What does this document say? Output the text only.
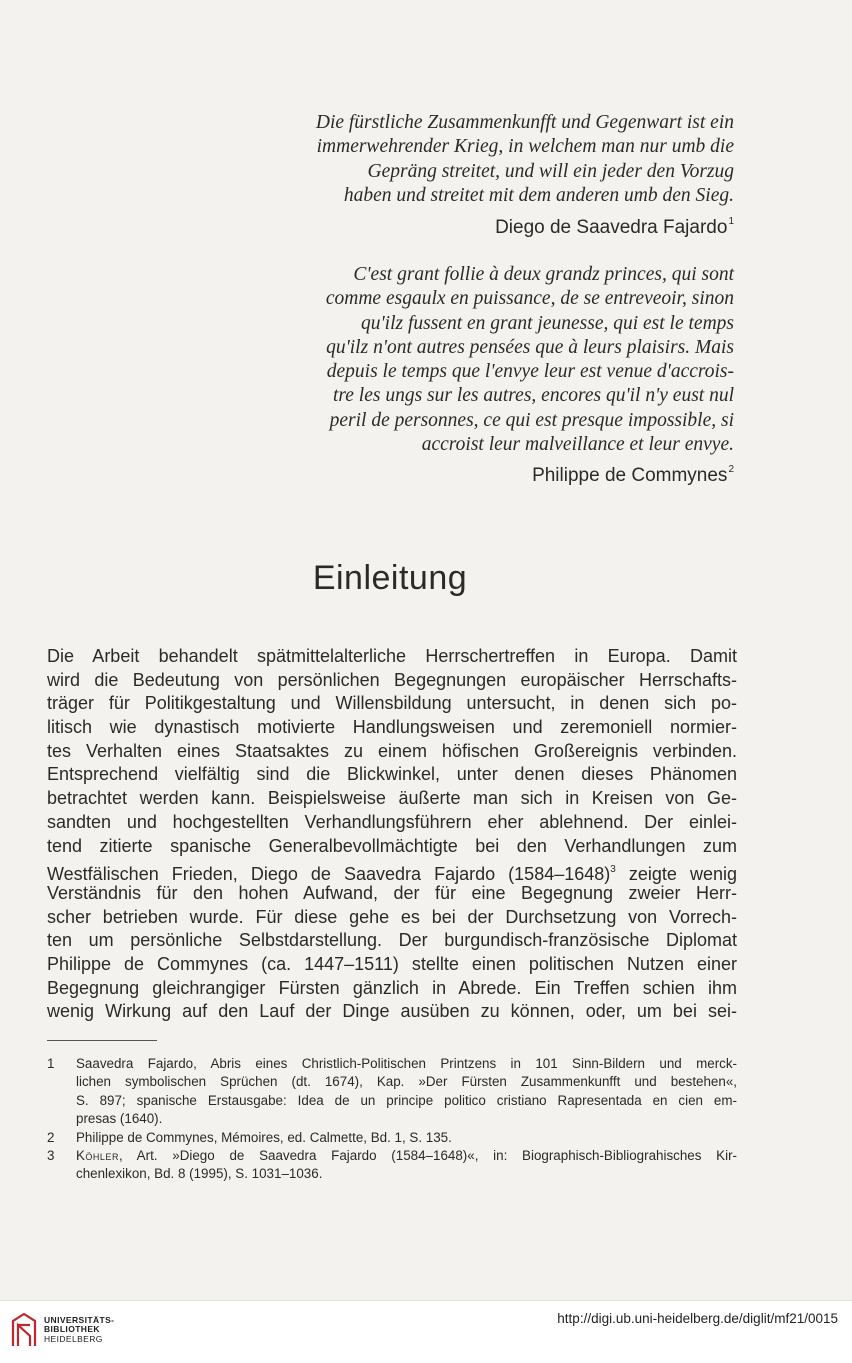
Die fürstliche Zusammenkunfft und Gegenwart ist ein
immerwehrender Krieg, in welchem man nur umb die
Gepräng streitet, und will ein jeder den Vorzug
haben und streitet mit dem anderen umb den Sieg.
Diego de Saavedra Fajardo$^1$
C'est grant follie à deux grandz princes, qui sont
comme esgaulx en puissance, de se entreveoir, sinon
qu'ilz fussent en grant jeunesse, qui est le temps
qu'ilz n'ont autres pensées que à leurs plaisirs. Mais
depuis le temps que l'envye leur est venue d'accrois-
tre les ungs sur les autres, encores qu'il n'y eust nul
peril de personnes, ce qui est presque impossible, si
accroist leur malveillance et leur envye.
Philippe de Commynes$^2$
Einleitung
Die Arbeit behandelt spätmittelalterliche Herrschertreffen in Europa. Damit
wird die Bedeutung von persönlichen Begegnungen europäischer Herrschafts-
träger für Politikgestaltung und Willensbildung untersucht, in denen sich po-
litisch wie dynastisch motivierte Handlungsweisen und zeremoniell normier-
tes Verhalten eines Staatsaktes zu einem höfischen Großereignis verbinden.
Entsprechend vielfältig sind die Blickwinkel, unter denen dieses Phänomen
betrachtet werden kann. Beispielsweise äußerte man sich in Kreisen von Ge-
sandten und hochgestellten Verhandlungsführern eher ablehnend. Der einlei-
tend zitierte spanische Generalbevollmächtigte bei den Verhandlungen zum
Westfälischen Frieden, Diego de Saavedra Fajardo (1584–1648)$^3$ zeigte wenig
Verständnis für den hohen Aufwand, der für eine Begegnung zweier Herr-
scher betrieben wurde. Für diese gehe es bei der Durchsetzung von Vorrech-
ten um persönliche Selbstdarstellung. Der burgundisch-französische Diplomat
Philippe de Commynes (ca. 1447–1511) stellte einen politischen Nutzen einer
Begegnung gleichrangiger Fürsten gänzlich in Abrede. Ein Treffen schien ihm
wenig Wirkung auf den Lauf der Dinge ausüben zu können, oder, um bei sei-
1	Saavedra Fajardo, Abris eines Christlich-Politischen Printzens in 101 Sinn-Bildern und merck-
lichen symbolischen Sprüchen (dt. 1674), Kap. »Der Fürsten Zusammenkunfft und bestehen«,
S. 897; spanische Erstausgabe: Idea de un principe politico cristiano Rapresentada en cien em-
presas (1640).
2	Philippe de Commynes, Mémoires, ed. Calmette, Bd. 1, S. 135.
3	Köhler, Art. »Diego de Saavedra Fajardo (1584–1648)«, in: Biographisch-Bibliograhisches Kir-
chenlexikon, Bd. 8 (1995), S. 1031–1036.
UNIVERSITÄTS-
BIBLIOTHEK
HEIDELBERG
http://digi.ub.uni-heidelberg.de/diglit/mf21/0015
